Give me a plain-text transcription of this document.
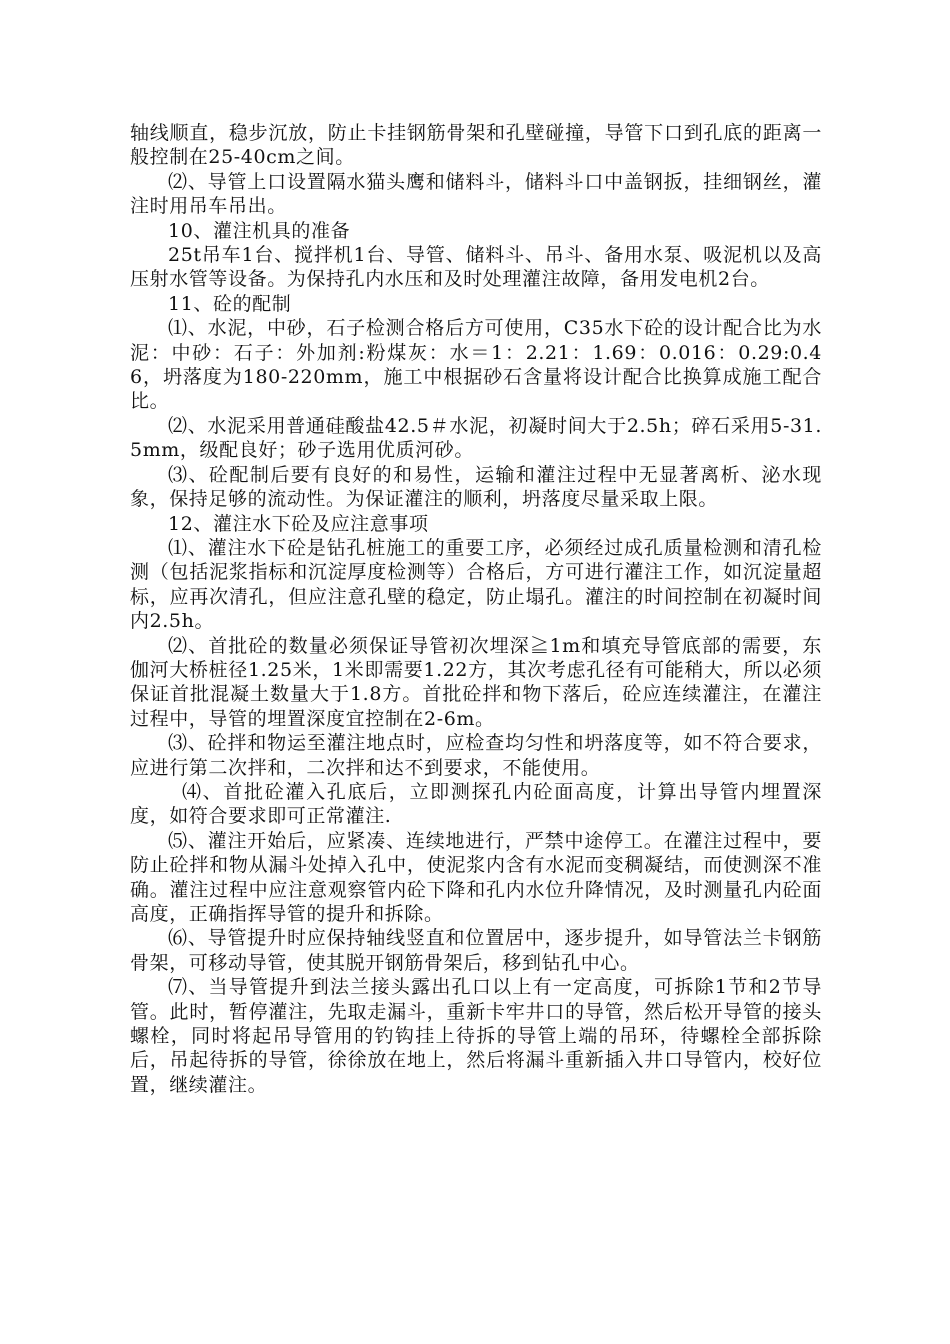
轴线顺直，稳步沉放，防止卡挂钢筋骨架和孔壁碰撞，导管下口到孔底的距离一般控制在25-40cm之间。

⑵、导管上口设置隔水猫头鹰和储料斗，储料斗口中盖钢扳，挂细钢丝，灌注时用吊车吊出。

10、灌注机具的准备

25t吊车1台、搅拌机1台、导管、储料斗、吊斗、备用水泵、吸泥机以及高压射水管等设备。为保持孔内水压和及时处理灌注故障，备用发电机2台。

11、砼的配制

⑴、水泥，中砂，石子检测合格后方可使用，C35水下砼的设计配合比为水泥：中砂：石子：外加剂:粉煤灰：水＝1：2.21：1.69：0.016：0.29:0.46，坍落度为180-220mm，施工中根据砂石含量将设计配合比换算成施工配合比。

⑵、水泥采用普通硅酸盐42.5＃水泥，初凝时间大于2.5h；碎石采用5-31.5mm，级配良好；砂子选用优质河砂。

⑶、砼配制后要有良好的和易性，运输和灌注过程中无显著离析、泌水现象，保持足够的流动性。为保证灌注的顺利，坍落度尽量采取上限。

12、灌注水下砼及应注意事项

⑴、灌注水下砼是钻孔桩施工的重要工序，必须经过成孔质量检测和清孔检测（包括泥浆指标和沉淀厚度检测等）合格后，方可进行灌注工作，如沉淀量超标，应再次清孔，但应注意孔壁的稳定，防止塌孔。灌注的时间控制在初凝时间内2.5h。

⑵、首批砼的数量必须保证导管初次埋深≧1m和填充导管底部的需要，东伽河大桥桩径1.25米，1米即需要1.22方，其次考虑孔径有可能稍大，所以必须保证首批混凝土数量大于1.8方。首批砼拌和物下落后，砼应连续灌注，在灌注过程中，导管的埋置深度宜控制在2-6m。

⑶、砼拌和物运至灌注地点时，应检查均匀性和坍落度等，如不符合要求，应进行第二次拌和，二次拌和达不到要求，不能使用。

⑷、首批砼灌入孔底后，立即测探孔内砼面高度，计算出导管内埋置深度，如符合要求即可正常灌注.

⑸、灌注开始后，应紧凑、连续地进行，严禁中途停工。在灌注过程中，要防止砼拌和物从漏斗处掉入孔中，使泥浆内含有水泥而变稠凝结，而使测深不准确。灌注过程中应注意观察管内砼下降和孔内水位升降情况，及时测量孔内砼面高度，正确指挥导管的提升和拆除。

⑹、导管提升时应保持轴线竖直和位置居中，逐步提升，如导管法兰卡钢筋骨架，可移动导管，使其脱开钢筋骨架后，移到钻孔中心。

⑺、当导管提升到法兰接头露出孔口以上有一定高度，可拆除1节和2节导管。此时，暂停灌注，先取走漏斗，重新卡牢井口的导管，然后松开导管的接头螺栓，同时将起吊导管用的钓钩挂上待拆的导管上端的吊环，待螺栓全部拆除后，吊起待拆的导管，徐徐放在地上，然后将漏斗重新插入井口导管内，校好位置，继续灌注。
